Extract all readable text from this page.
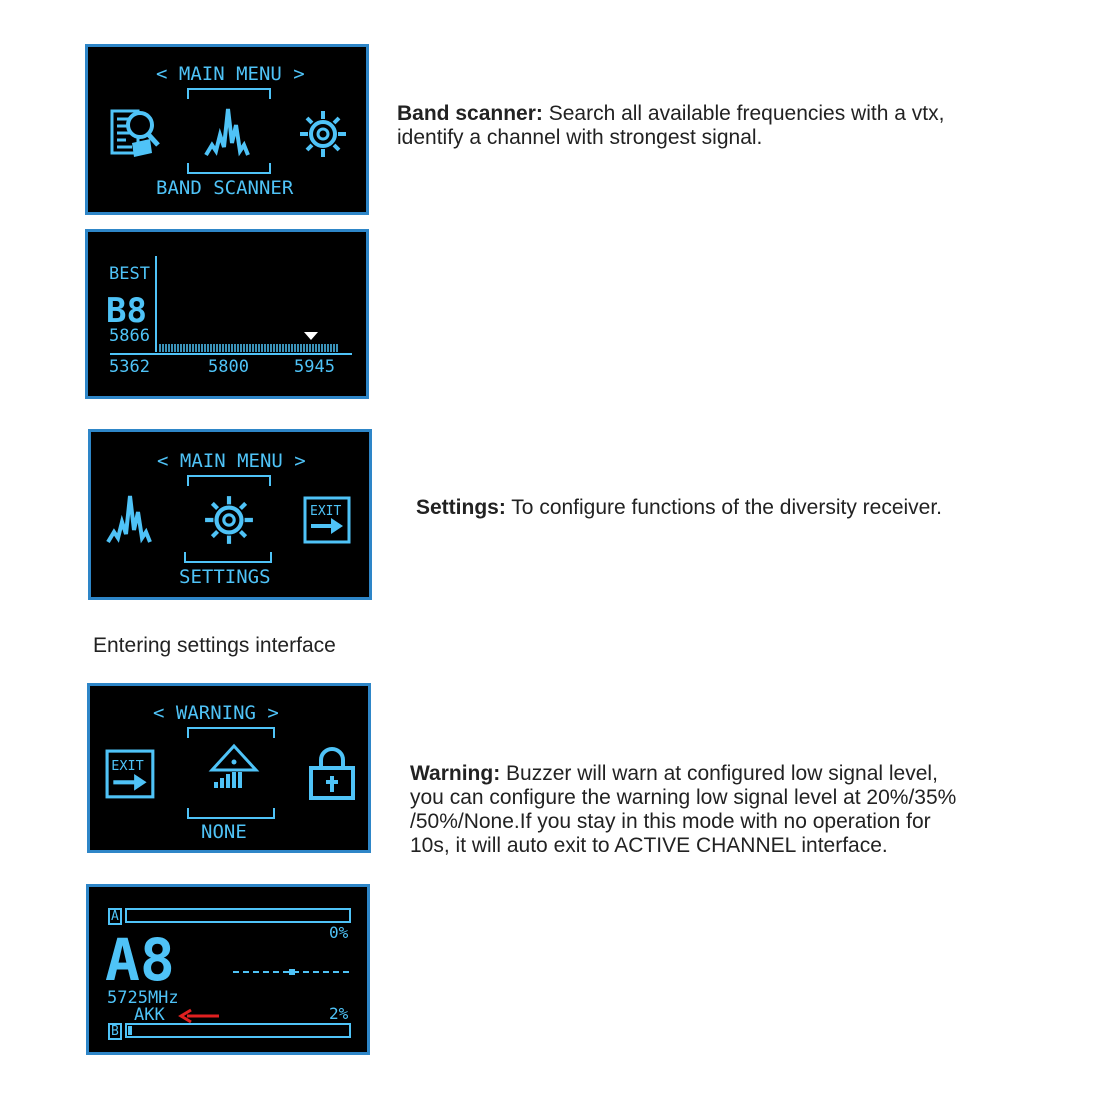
< MAIN MENU >
BAND SCANNER
BEST
B8
5866
5362	5800	5945
< MAIN MENU >
EXIT
SETTINGS
Entering settings interface
< WARNING >
EXIT
NONE
A
0%
A8
5725MHz
AKK	2%
B
Band scanner: Search all available frequencies with a vtx,
identify a channel with strongest signal.
Settings: To configure functions of the diversity receiver.
Warning: Buzzer will warn at configured low signal level,
you can configure the warning low signal level at 20%/35%
/50%/None.If you stay in this mode with no operation for
10s, it will auto exit to ACTIVE CHANNEL interface.
